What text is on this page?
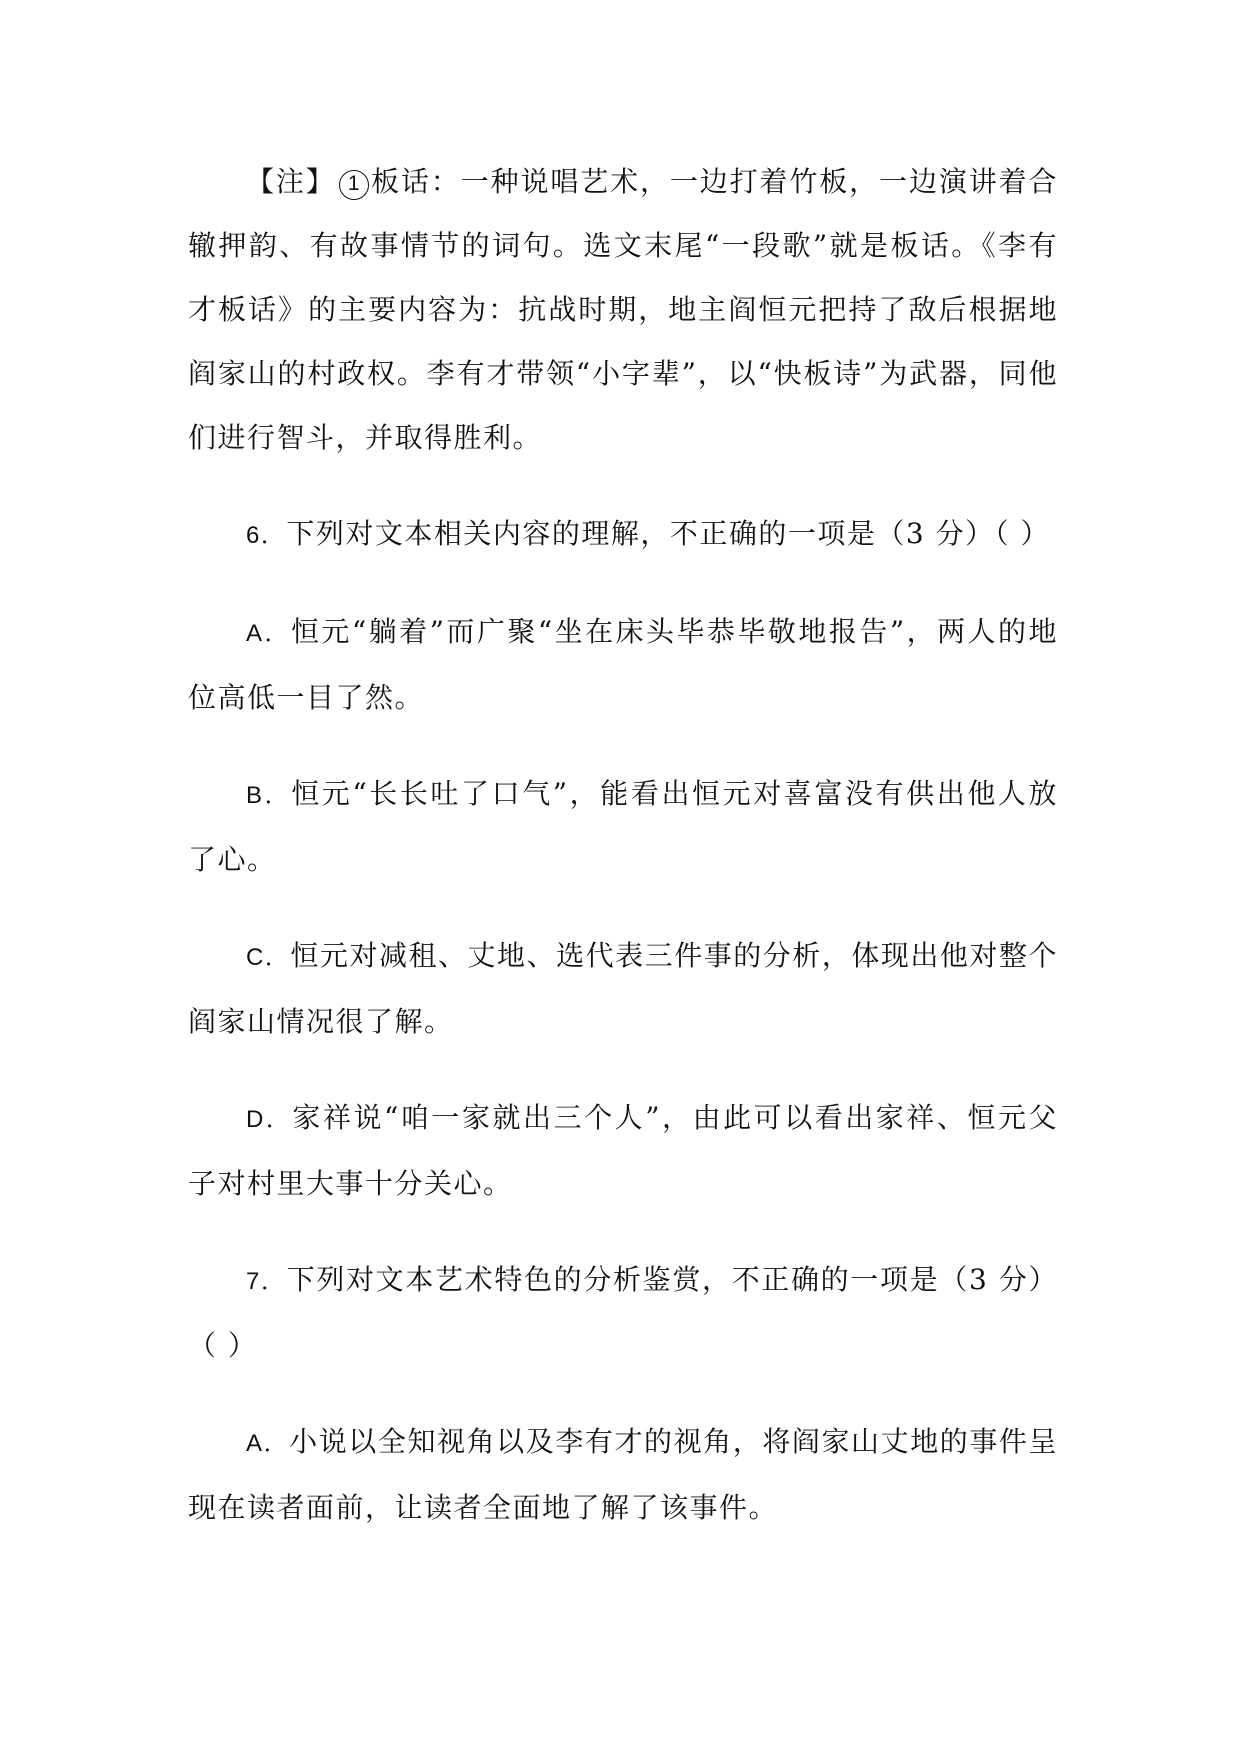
【注】 1 板话：一种说唱艺术，一边打着竹板，一边演讲着合辙押韵、有故事情节的词句。选文末尾“一段歌”就是板话。《李有才板话》的主要内容为：抗战时期，地主阎恒元把持了敌后根据地阎家山的村政权。李有才带领“小字辈”，以“快板诗”为武器，同他们进行智斗，并取得胜利。

6．下列对文本相关内容的理解，不正确的一项是（3 分）（ ）

A．恒元“躺着”而广聚“坐在床头毕恭毕敬地报告”，两人的地位高低一目了然。

B．恒元“长长吐了口气”，能看出恒元对喜富没有供出他人放了心。

C．恒元对减租、丈地、选代表三件事的分析，体现出他对整个阎家山情况很了解。

D．家祥说“咱一家就出三个人”，由此可以看出家祥、恒元父子对村里大事十分关心。

7．下列对文本艺术特色的分析鉴赏，不正确的一项是（3 分）（ ）

A．小说以全知视角以及李有才的视角，将阎家山丈地的事件呈现在读者面前，让读者全面地了解了该事件。
